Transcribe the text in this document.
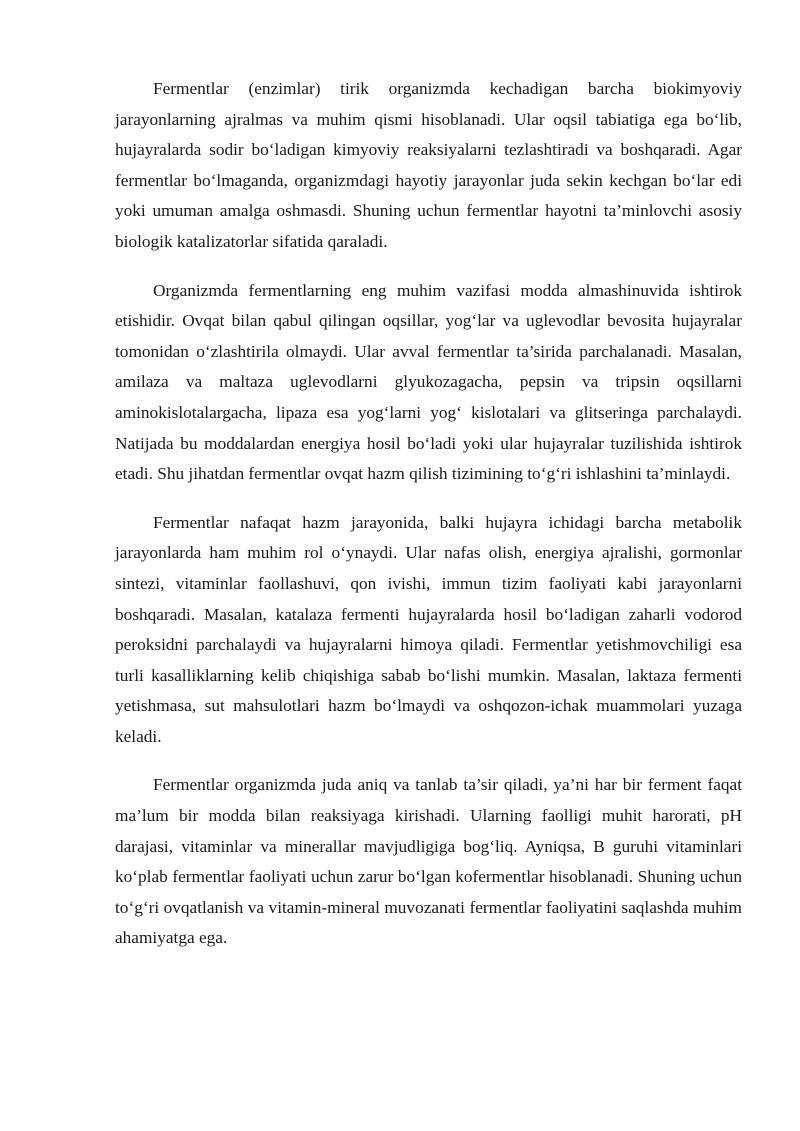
Fermentlar (enzimlar) tirik organizmda kechadigan barcha biokimyoviy jarayonlarning ajralmas va muhim qismi hisoblanadi. Ular oqsil tabiatiga ega bo‘lib, hujayralarda sodir bo‘ladigan kimyoviy reaksiyalarni tezlashtiradi va boshqaradi. Agar fermentlar bo‘lmaganda, organizmdagi hayotiy jarayonlar juda sekin kechgan bo‘lar edi yoki umuman amalga oshmasdi. Shuning uchun fermentlar hayotni ta’minlovchi asosiy biologik katalizatorlar sifatida qaraladi.

Organizmda fermentlarning eng muhim vazifasi modda almashinuvida ishtirok etishidir. Ovqat bilan qabul qilingan oqsillar, yog‘lar va uglevodlar bevosita hujayralar tomonidan o‘zlashtirila olmaydi. Ular avval fermentlar ta’sirida parchalanadi. Masalan, amilaza va maltaza uglevodlarni glyukozagacha, pepsin va tripsin oqsillarni aminokislotalargacha, lipaza esa yog‘larni yog‘ kislotalari va glitseringa parchalaydi. Natijada bu moddalardan energiya hosil bo‘ladi yoki ular hujayralar tuzilishida ishtirok etadi. Shu jihatdan fermentlar ovqat hazm qilish tizimining to‘g‘ri ishlashini ta’minlaydi.

Fermentlar nafaqat hazm jarayonida, balki hujayra ichidagi barcha metabolik jarayonlarda ham muhim rol o‘ynaydi. Ular nafas olish, energiya ajralishi, gormonlar sintezi, vitaminlar faollashuvi, qon ivishi, immun tizim faoliyati kabi jarayonlarni boshqaradi. Masalan, katalaza fermenti hujayralarda hosil bo‘ladigan zaharli vodorod peroksidni parchalaydi va hujayralarni himoya qiladi. Fermentlar yetishmovchiligi esa turli kasalliklarning kelib chiqishiga sabab bo‘lishi mumkin. Masalan, laktaza fermenti yetishmasa, sut mahsulotlari hazm bo‘lmaydi va oshqozon-ichak muammolari yuzaga keladi.

Fermentlar organizmda juda aniq va tanlab ta’sir qiladi, ya’ni har bir ferment faqat ma’lum bir modda bilan reaksiyaga kirishadi. Ularning faolligi muhit harorati, pH darajasi, vitaminlar va minerallar mavjudligiga bog‘liq. Ayniqsa, B guruhi vitaminlari ko‘plab fermentlar faoliyati uchun zarur bo‘lgan kofermentlar hisoblanadi. Shuning uchun to‘g‘ri ovqatlanish va vitamin-mineral muvozanati fermentlar faoliyatini saqlashda muhim ahamiyatga ega.
